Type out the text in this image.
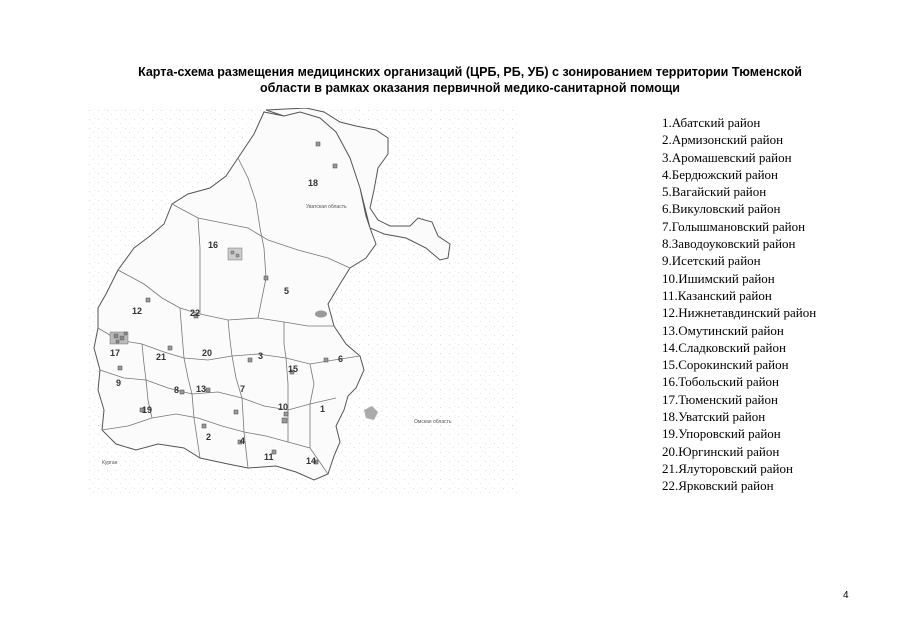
Карта-схема размещения медицинских организаций (ЦРБ, РБ, УБ) с зонированием территории Тюменской
области в рамках оказания первичной медико-санитарной помощи
Уватская область
Омская область
Курган
1
2
3
4
5
6
7
8
9
10
11
12
13
14
15
16
17
18
19
20
21
22
1.Абатский район
2.Армизонский район
3.Аромашевский район
4.Бердюжский район
5.Вагайский район
6.Викуловский район
7.Голышмановский район
8.Заводоуковский район
9.Исетский район
10.Ишимский район
11.Казанский район
12.Нижнетавдинский район
13.Омутинский район
14.Сладковский район
15.Сорокинский район
16.Тобольский район
17.Тюменский район
18.Уватский район
19.Упоровский район
20.Юргинский район
21.Ялуторовский район
22.Ярковский район
4
